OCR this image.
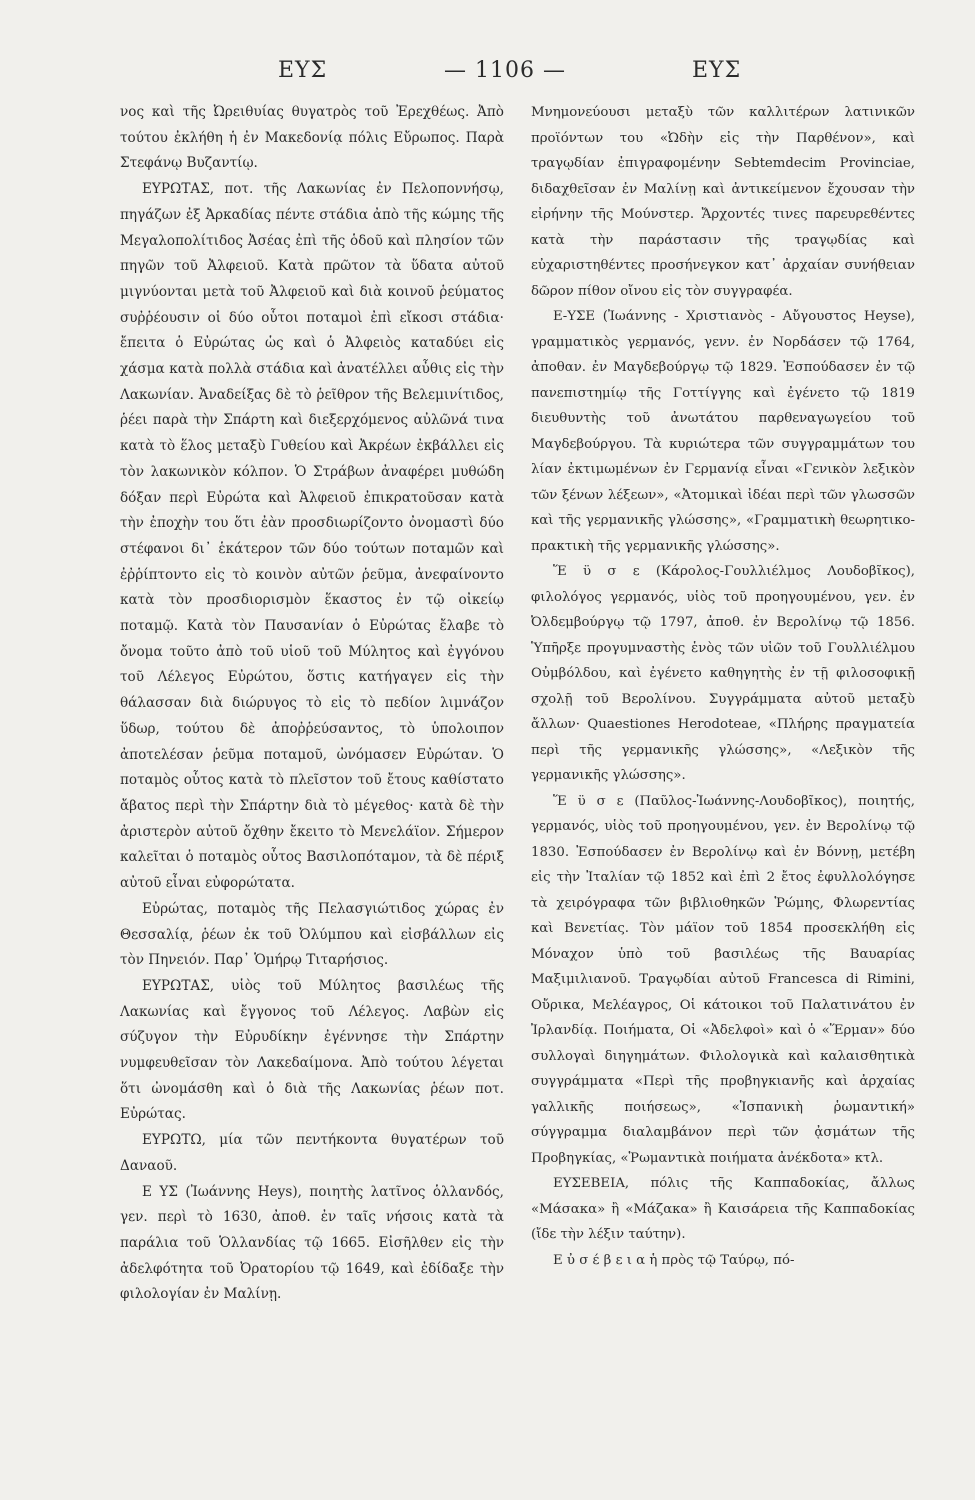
ΕΥΣ	— 1106 —	ΕΥΣ

νος καὶ τῆς Ὠρειθυίας θυγατρὸς τοῦ Ἐρεχθέως. Ἀπὸ τούτου ἐκλήθη ἡ ἐν Μακεδονίᾳ πόλις Εὔρωπος. Παρὰ Στεφάνῳ Βυζαντίῳ.

ΕΥΡΩΤΑΣ, ποτ. τῆς Λακωνίας ἐν Πελοποννήσῳ, πηγάζων ἐξ Ἀρκαδίας πέντε στάδια ἀπὸ τῆς κώμης τῆς Μεγαλοπολίτιδος Ἀσέας ἐπὶ τῆς ὁδοῦ καὶ πλησίον τῶν πηγῶν τοῦ Ἀλφειοῦ. Κατὰ πρῶτον τὰ ὕδατα αὐτοῦ μιγνύονται μετὰ τοῦ Ἀλφειοῦ καὶ διὰ κοινοῦ ῥεύματος συῤῥέουσιν οἱ δύο οὗτοι ποταμοὶ ἐπὶ εἴκοσι στάδια· ἔπειτα ὁ Εὐρώτας ὡς καὶ ὁ Ἀλφειὸς καταδύει εἰς χάσμα κατὰ πολλὰ στάδια καὶ ἀνατέλλει αὖθις εἰς τὴν Λακωνίαν. Ἀναδείξας δὲ τὸ ῥεῖθρον τῆς Βελεμινίτιδος, ῥέει παρὰ τὴν Σπάρτη καὶ διεξερχόμενος αὐλῶνά τινα κατὰ τὸ ἕλος μεταξὺ Γυθείου καὶ Ἀκρέων ἐκβάλλει εἰς τὸν λακωνικὸν κόλπον. Ὁ Στράβων ἀναφέρει μυθώδη δόξαν περὶ Εὐρώτα καὶ Ἀλφειοῦ ἐπικρατοῦσαν κατὰ τὴν ἐποχὴν του ὅτι ἐὰν προσδιωρίζοντο ὀνομαστὶ δύο στέφανοι δι᾽ ἑκάτερον τῶν δύο τούτων ποταμῶν καὶ ἐῤῥίπτοντο εἰς τὸ κοινὸν αὐτῶν ῥεῦμα, ἀνεφαίνοντο κατὰ τὸν προσδιορισμὸν ἕκαστος ἐν τῷ οἰκείῳ ποταμῷ. Κατὰ τὸν Παυσανίαν ὁ Εὐρώτας ἔλαβε τὸ ὄνομα τοῦτο ἀπὸ τοῦ υἱοῦ τοῦ Μύλητος καὶ ἐγγόνου τοῦ Λέλεγος Εὐρώτου, ὅστις κατήγαγεν εἰς τὴν θάλασσαν διὰ διώρυγος τὸ εἰς τὸ πεδίον λιμνάζον ὕδωρ, τούτου δὲ ἀποῤῥεύσαντος, τὸ ὑπολοιπον ἀποτελέσαν ῥεῦμα ποταμοῦ, ὠνόμασεν Εὐρώταν. Ὁ ποταμὸς οὗτος κατὰ τὸ πλεῖστον τοῦ ἔτους καθίστατο ἄβατος περὶ τὴν Σπάρτην διὰ τὸ μέγεθος· κατὰ δὲ τὴν ἀριστερὸν αὐτοῦ ὄχθην ἔκειτο τὸ Μενελάϊον. Σήμερον καλεῖται ὁ ποταμὸς οὗτος Βασιλοπόταμον, τὰ δὲ πέριξ αὐτοῦ εἶναι εὐφορώτατα.

Εὐρώτας, ποταμὸς τῆς Πελασγιώτιδος χώρας ἐν Θεσσαλίᾳ, ῥέων ἐκ τοῦ Ὀλύμπου καὶ εἰσβάλλων εἰς τὸν Πηνειόν. Παρ᾽ Ὁμήρῳ Τιταρήσιος.

ΕΥΡΩΤΑΣ, υἱὸς τοῦ Μύλητος βασιλέως τῆς Λακωνίας καὶ ἔγγονος τοῦ Λέλεγος. Λαβὼν εἰς σύζυγον τὴν Εὐρυδίκην ἐγέννησε τὴν Σπάρτην νυμφευθεῖσαν τὸν Λακεδαίμονα. Ἀπὸ τούτου λέγεται ὅτι ὠνομάσθη καὶ ὁ διὰ τῆς Λακωνίας ῥέων ποτ. Εὐρώτας.

ΕΥΡΩΤΩ, μία τῶν πεντήκοντα θυγατέρων τοῦ Δαναοῦ.

Ε ΥΣ (Ἰωάννης Heys), ποιητὴς λατῖνος ὁλλανδός, γεν. περὶ τὸ 1630, ἀποθ. ἐν ταῖς νήσοις κατὰ τὰ παράλια τοῦ Ὁλλανδίας τῷ 1665. Εἰσῆλθεν εἰς τὴν ἀδελφότητα τοῦ Ὀρατορίου τῷ 1649, καὶ ἐδίδαξε τὴν φιλολογίαν ἐν Μαλίνῃ.

Μνημονεύουσι μεταξὺ τῶν καλλιτέρων λατινικῶν προϊόντων του «Ὠδὴν εἰς τὴν Παρθένον», καὶ τραγῳδίαν ἐπιγραφομένην Sebtemdecim Provinciae, διδαχθεῖσαν ἐν Μαλίνῃ καὶ ἀντικείμενον ἔχουσαν τὴν εἰρήνην τῆς Μούνστερ. Ἄρχοντές τινες παρευρεθέντες κατὰ τὴν παράστασιν τῆς τραγῳδίας καὶ εὐχαριστηθέντες προσήνεγκον κατ᾽ ἀρχαίαν συνήθειαν δῶρον πίθον οἴνου εἰς τὸν συγγραφέα.

Ε-ΥΣΕ (Ἰωάννης - Χριστιανὸς - Αὔγουστος Heyse), γραμματικὸς γερμανός, γενν. ἐν Νορδάσεν τῷ 1764, ἀποθαν. ἐν Μαγδεβούργῳ τῷ 1829. Ἐσπούδασεν ἐν τῷ πανεπιστημίῳ τῆς Γοττίγγης καὶ ἐγένετο τῷ 1819 διευθυντὴς τοῦ ἀνωτάτου παρθεναγωγείου τοῦ Μαγδεβούργου. Τὰ κυριώτερα τῶν συγγραμμάτων του λίαν ἐκτιμωμένων ἐν Γερμανίᾳ εἶναι «Γενικὸν λεξικὸν τῶν ξένων λέξεων», «Ἀτομικαὶ ἰδέαι περὶ τῶν γλωσσῶν καὶ τῆς γερμανικῆς γλώσσης», «Γραμματικὴ θεωρητικο-πρακτικὴ τῆς γερμανικῆς γλώσσης».

Ἕ ϋ σ ε (Κάρολος-Γουλλιέλμος Λουδοβῖκος), φιλολόγος γερμανός, υἱὸς τοῦ προηγουμένου, γεν. ἐν Ὀλδεμβούργῳ τῷ 1797, ἀποθ. ἐν Βερολίνῳ τῷ 1856. Ὑπῆρξε προγυμναστὴς ἑνὸς τῶν υἱῶν τοῦ Γουλλιέλμου Οὐμβόλδου, καὶ ἐγένετο καθηγητὴς ἐν τῇ φιλοσοφικῇ σχολῇ τοῦ Βερολίνου. Συγγράμματα αὐτοῦ μεταξὺ ἄλλων· Quaestiones Herodoteae, «Πλήρης πραγματεία περὶ τῆς γερμανικῆς γλώσσης», «Λεξικὸν τῆς γερμανικῆς γλώσσης».

Ἕ ϋ σ ε (Παῦλος-Ἰωάννης-Λουδοβῖκος), ποιητής, γερμανός, υἱὸς τοῦ προηγουμένου, γεν. ἐν Βερολίνῳ τῷ 1830. Ἐσπούδασεν ἐν Βερολίνῳ καὶ ἐν Βόννῃ, μετέβη εἰς τὴν Ἰταλίαν τῷ 1852 καὶ ἐπὶ 2 ἔτος ἐφυλλολόγησε τὰ χειρόγραφα τῶν βιβλιοθηκῶν Ῥώμης, Φλωρεντίας καὶ Βενετίας. Τὸν μάϊον τοῦ 1854 προσεκλήθη εἰς Μόναχον ὑπὸ τοῦ βασιλέως τῆς Βαυαρίας Μαξιμιλιανοῦ. Τραγῳδίαι αὐτοῦ Francesca di Rimini, Οὔρικα, Μελέαγρος, Οἱ κάτοικοι τοῦ Παλατινάτου ἐν Ἰρλανδίᾳ. Ποιήματα, Οἱ «Ἀδελφοὶ» καὶ ὁ «Ἕρμαν» δύο συλλογαὶ διηγημάτων. Φιλολογικὰ καὶ καλαισθητικὰ συγγράμματα «Περὶ τῆς προβηγκιανῆς καὶ ἀρχαίας γαλλικῆς ποιήσεως», «Ἱσπανικὴ ῥωμαντική» σύγγραμμα διαλαμβάνον περὶ τῶν ᾀσμάτων τῆς Προβηγκίας, «Ῥωμαντικὰ ποιήματα ἀνέκδοτα» κτλ.

ΕΥΣΕΒΕΙΑ, πόλις τῆς Καππαδοκίας, ἄλλως «Μάσακα» ἢ «Μάζακα» ἢ Καισάρεια τῆς Καππαδοκίας (ἴδε τὴν λέξιν ταύτην).

Ε ὐ σ έ β ε ι α ἡ πρὸς τῷ Ταύρῳ, πό-
